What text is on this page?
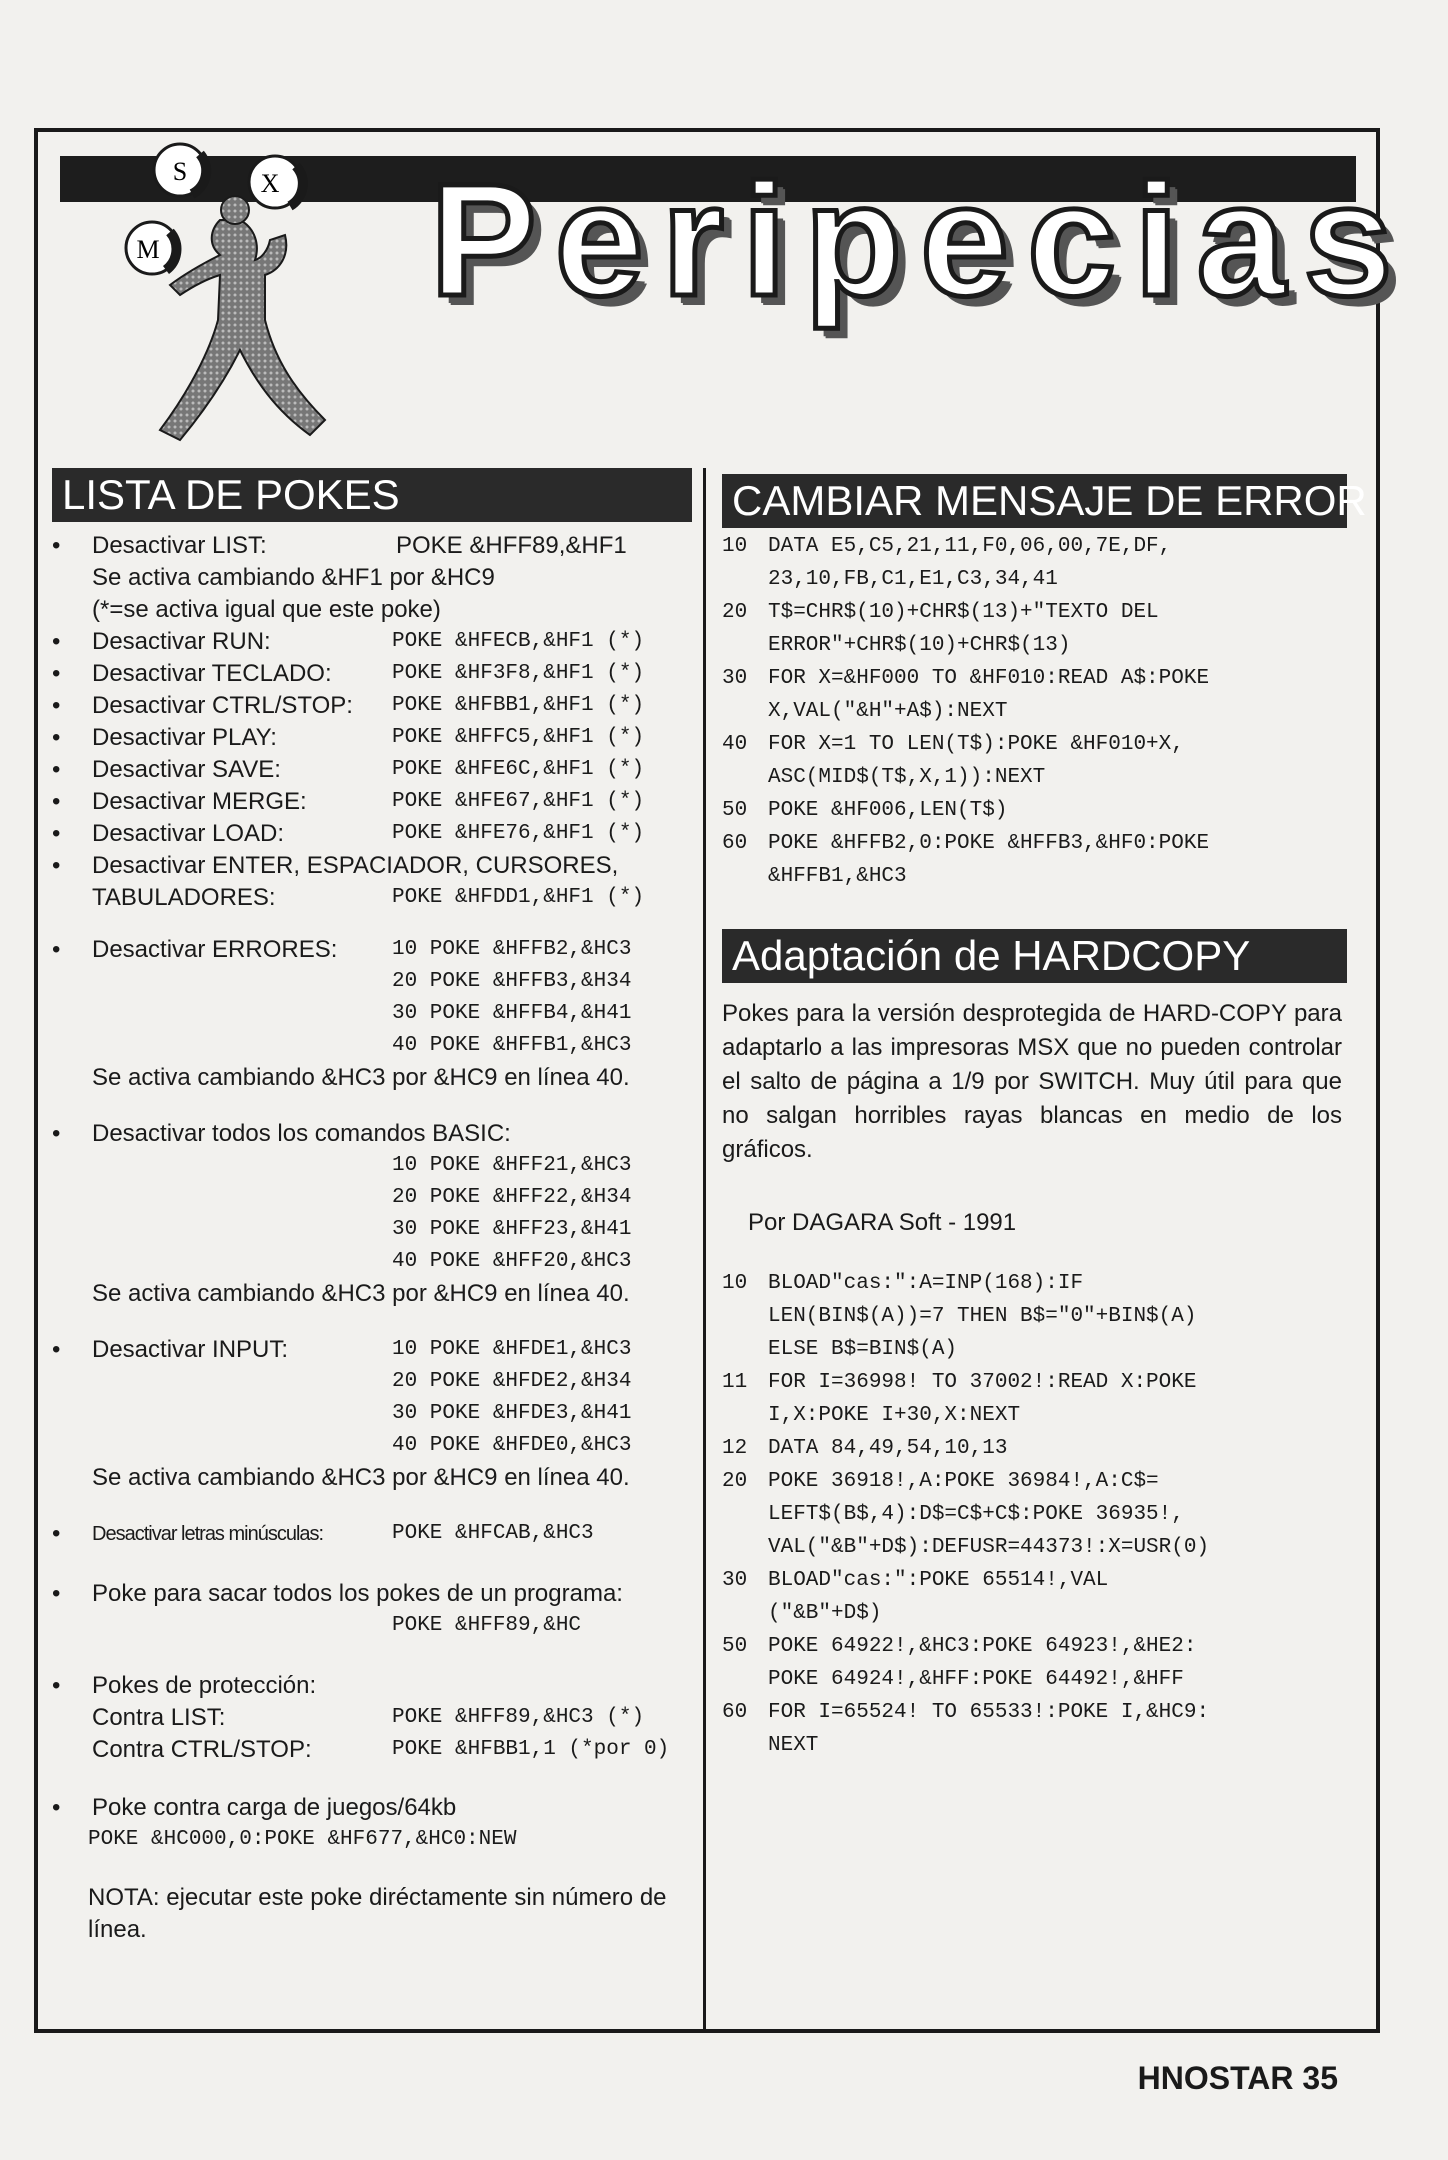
S	X
M Peripecias
LISTA DE POKES	CAMBIAR MENSAJE DE ERROR
• Desactivar LIST:	POKE &HFF89,&HF1
Se activa cambiando &HF1 por &HC9
(*=se activa igual que este poke)
• Desactivar RUN:	POKE &HFECB,&HF1 (*)
• Desactivar TECLADO:	POKE &HF3F8,&HF1 (*)
• Desactivar CTRL/STOP:	POKE &HFBB1,&HF1 (*)
• Desactivar PLAY:	POKE &HFFC5,&HF1 (*)
• Desactivar SAVE:	POKE &HFE6C,&HF1 (*)
• Desactivar MERGE:	POKE &HFE67,&HF1 (*)
• Desactivar LOAD:	POKE &HFE76,&HF1 (*)
• Desactivar ENTER, ESPACIADOR, CURSORES,
TABULADORES:	POKE &HFDD1,&HF1 (*)
• Desactivar ERRORES:	10 POKE &HFFB2,&HC3
20 POKE &HFFB3,&H34
30 POKE &HFFB4,&H41
40 POKE &HFFB1,&HC3
Se activa cambiando &HC3 por &HC9 en línea 40.
• Desactivar todos los comandos BASIC:
10 POKE &HFF21,&HC3
20 POKE &HFF22,&H34
30 POKE &HFF23,&H41
40 POKE &HFF20,&HC3
Se activa cambiando &HC3 por &HC9 en línea 40.
• Desactivar INPUT:	10 POKE &HFDE1,&HC3
20 POKE &HFDE2,&H34
30 POKE &HFDE3,&H41
40 POKE &HFDE0,&HC3
Se activa cambiando &HC3 por &HC9 en línea 40.
• Desactivar letras minúsculas:	POKE &HFCAB,&HC3
• Poke para sacar todos los pokes de un programa:
POKE &HFF89,&HC
• Pokes de protección:
Contra LIST:	POKE &HFF89,&HC3 (*)
Contra CTRL/STOP:	POKE &HFBB1,1 (*por 0)
• Poke contra carga de juegos/64kb
POKE &HC000,0:POKE &HF677,&HC0:NEW
NOTA: ejecutar este poke diréctamente sin número de línea.
10 DATA E5,C5,21,11,F0,06,00,7E,DF,
23,10,FB,C1,E1,C3,34,41
20 T$=CHR$(10)+CHR$(13)+"TEXTO DEL
ERROR"+CHR$(10)+CHR$(13)
30 FOR X=&HF000 TO &HF010:READ A$:POKE
X,VAL("&H"+A$):NEXT
40 FOR X=1 TO LEN(T$):POKE &HF010+X,
ASC(MID$(T$,X,1)):NEXT
50 POKE &HF006,LEN(T$)
60 POKE &HFFB2,0:POKE &HFFB3,&HF0:POKE
&HFFB1,&HC3
Adaptación de HARDCOPY
Pokes para la versión desprotegida de HARD-COPY para adaptarlo a las impresoras MSX que no pueden controlar el salto de página a 1/9 por SWITCH. Muy útil para que no salgan horribles rayas blancas en medio de los gráficos.
Por DAGARA Soft - 1991
10 BLOAD"cas:":A=INP(168):IF
LEN(BIN$(A))=7 THEN B$="0"+BIN$(A)
ELSE B$=BIN$(A)
11 FOR I=36998! TO 37002!:READ X:POKE
I,X:POKE I+30,X:NEXT
12 DATA 84,49,54,10,13
20 POKE 36918!,A:POKE 36984!,A:C$=
LEFT$(B$,4):D$=C$+C$:POKE 36935!,
VAL("&B"+D$):DEFUSR=44373!:X=USR(0)
30 BLOAD"cas:":POKE 65514!,VAL
("&B"+D$)
50 POKE 64922!,&HC3:POKE 64923!,&HE2:
POKE 64924!,&HFF:POKE 64492!,&HFF
60 FOR I=65524! TO 65533!:POKE I,&HC9:
NEXT
HNOSTAR 35
